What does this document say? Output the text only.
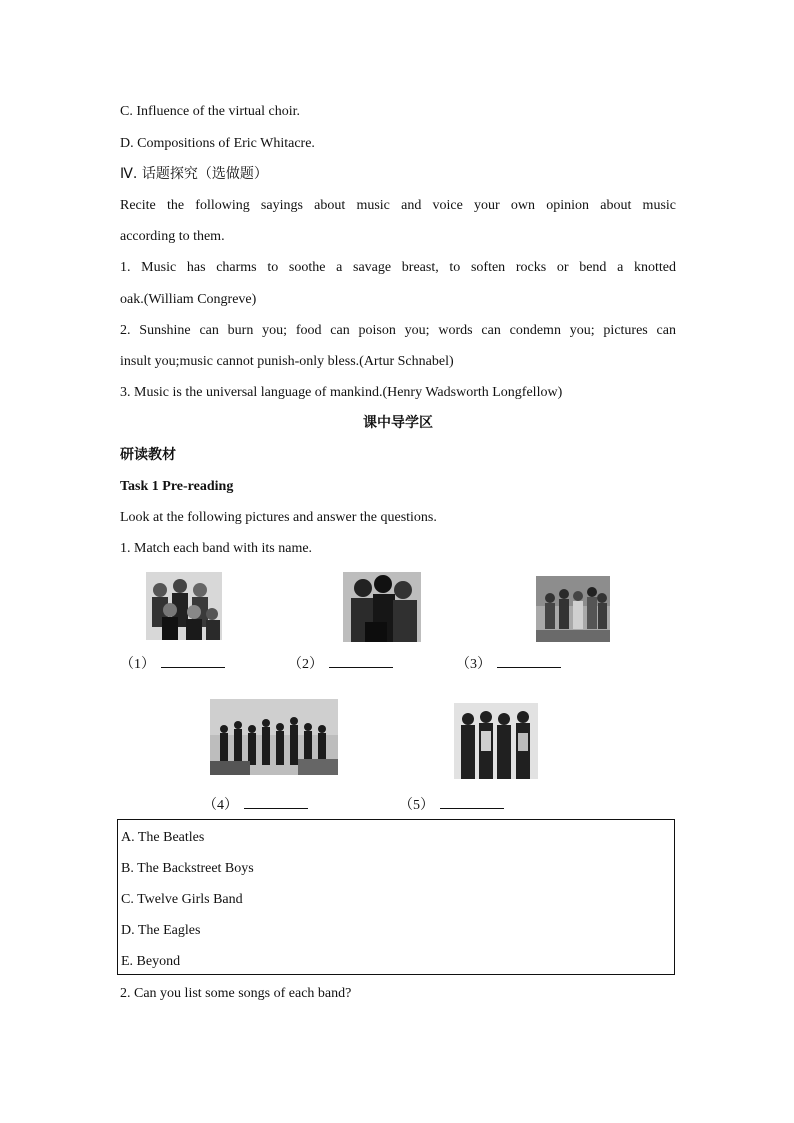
C. Influence of the virtual choir.
D. Compositions of Eric Whitacre.
Ⅳ. 话题探究（选做题）
Recite the following sayings about music and voice your own opinion about music
according to them.
1. Music has charms to soothe a savage breast, to soften rocks or bend a knotted
oak.(William Congreve)
2. Sunshine can burn you; food can poison you; words can condemn you; pictures can
insult you;music cannot punish-only bless.(Artur Schnabel)
3. Music is the universal language of mankind.(Henry Wadsworth Longfellow)
课中导学区
研读教材
Task 1 Pre-reading
Look at the following pictures and answer the questions.
1. Match each band with its name.
（1）	（2）	（3）
（4）	（5）
A. The Beatles
B. The Backstreet Boys
C. Twelve Girls Band
D. The Eagles
E. Beyond
2. Can you list some songs of each band?
